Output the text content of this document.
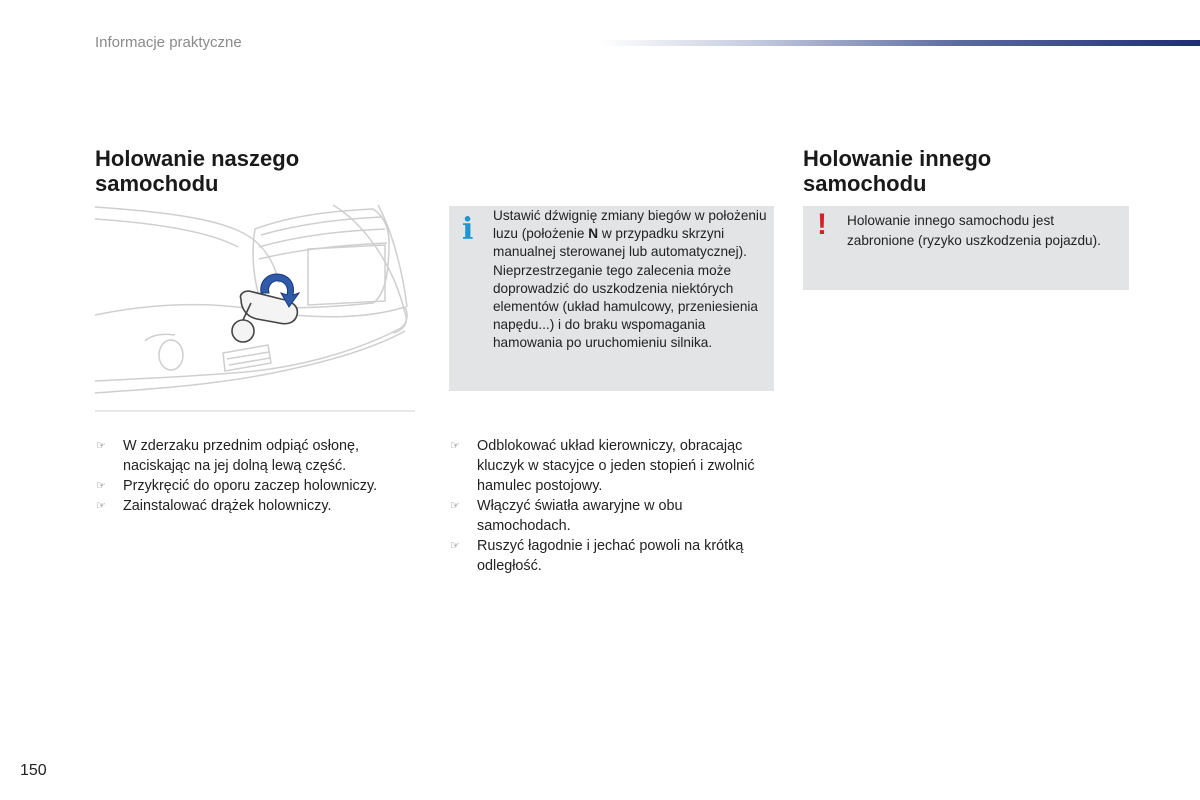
Informacje praktyczne
Holowanie naszego samochodu
Holowanie innego samochodu
i Ustawić dźwignię zmiany biegów w położeniu luzu (położenie N w przypadku skrzyni manualnej sterowanej lub automatycznej). Nieprzestrzeganie tego zalecenia może doprowadzić do uszkodzenia niektórych elementów (układ hamulcowy, przeniesienia napędu...) i do braku wspomagania hamowania po uruchomieniu silnika.
! Holowanie innego samochodu jest zabronione (ryzyko uszkodzenia pojazdu).
☞ W zderzaku przednim odpiąć osłonę, naciskając na jej dolną lewą część.
☞ Przykręcić do oporu zaczep holowniczy.
☞ Zainstalować drążek holowniczy.
☞ Odblokować układ kierowniczy, obracając kluczyk w stacyjce o jeden stopień i zwolnić hamulec postojowy.
☞ Włączyć światła awaryjne w obu samochodach.
☞ Ruszyć łagodnie i jechać powoli na krótką odległość.
150
